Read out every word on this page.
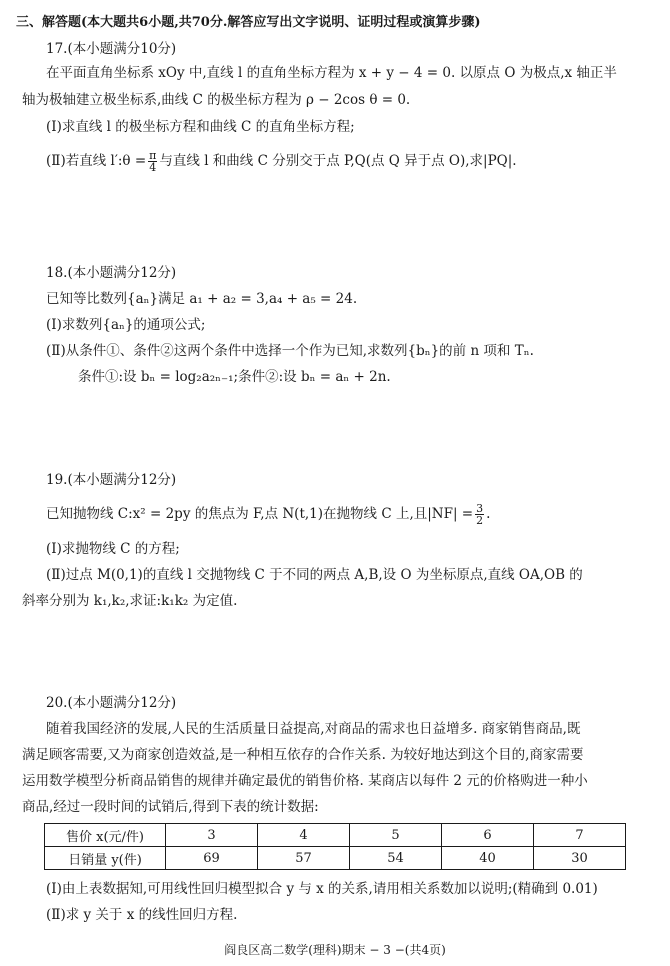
三、解答题(本大题共6小题,共70分.解答应写出文字说明、证明过程或演算步骤)
17.(本小题满分10分)
在平面直角坐标系 xOy 中,直线 l 的直角坐标方程为 x + y − 4 = 0. 以原点 O 为极点,x 轴正半
轴为极轴建立极坐标系,曲线 C 的极坐标方程为 ρ − 2cos θ = 0.
(Ⅰ)求直线 l 的极坐标方程和曲线 C 的直角坐标方程;
(Ⅱ)若直线 l′:θ = $\frac{\pi}{4}$ 与直线 l 和曲线 C 分别交于点 P,Q(点 Q 异于点 O),求|PQ|.
18.(本小题满分12分)
已知等比数列{aₙ}满足 a₁ + a₂ = 3,a₄ + a₅ = 24.
(Ⅰ)求数列{aₙ}的通项公式;
(Ⅱ)从条件①、条件②这两个条件中选择一个作为已知,求数列{bₙ}的前 n 项和 Tₙ.
条件①:设 bₙ = log₂a₂ₙ₋₁;条件②:设 bₙ = aₙ + 2n.
19.(本小题满分12分)
已知抛物线 C:x² = 2py 的焦点为 F,点 N(t,1)在抛物线 C 上,且$|NF| = \frac{3}{2}$ .
(Ⅰ)求抛物线 C 的方程;
(Ⅱ)过点 M(0,1)的直线 l 交抛物线 C 于不同的两点 A,B,设 O 为坐标原点,直线 OA,OB 的
斜率分别为 k₁,k₂,求证:k₁k₂ 为定值.
20.(本小题满分12分)
随着我国经济的发展,人民的生活质量日益提高,对商品的需求也日益增多. 商家销售商品,既
满足顾客需要,又为商家创造效益,是一种相互依存的合作关系. 为较好地达到这个目的,商家需要
运用数学模型分析商品销售的规律并确定最优的销售价格. 某商店以每件 2 元的价格购进一种小
商品,经过一段时间的试销后,得到下表的统计数据:
售价 x(元/件)	3	4	5	6	7
日销量 y(件)	69	57	54	40	30
(Ⅰ)由上表数据知,可用线性回归模型拟合 y 与 x 的关系,请用相关系数加以说明;(精确到 0.01)
(Ⅱ)求 y 关于 x 的线性回归方程.
阎良区高二数学(理科)期末 − 3 −(共4页)
